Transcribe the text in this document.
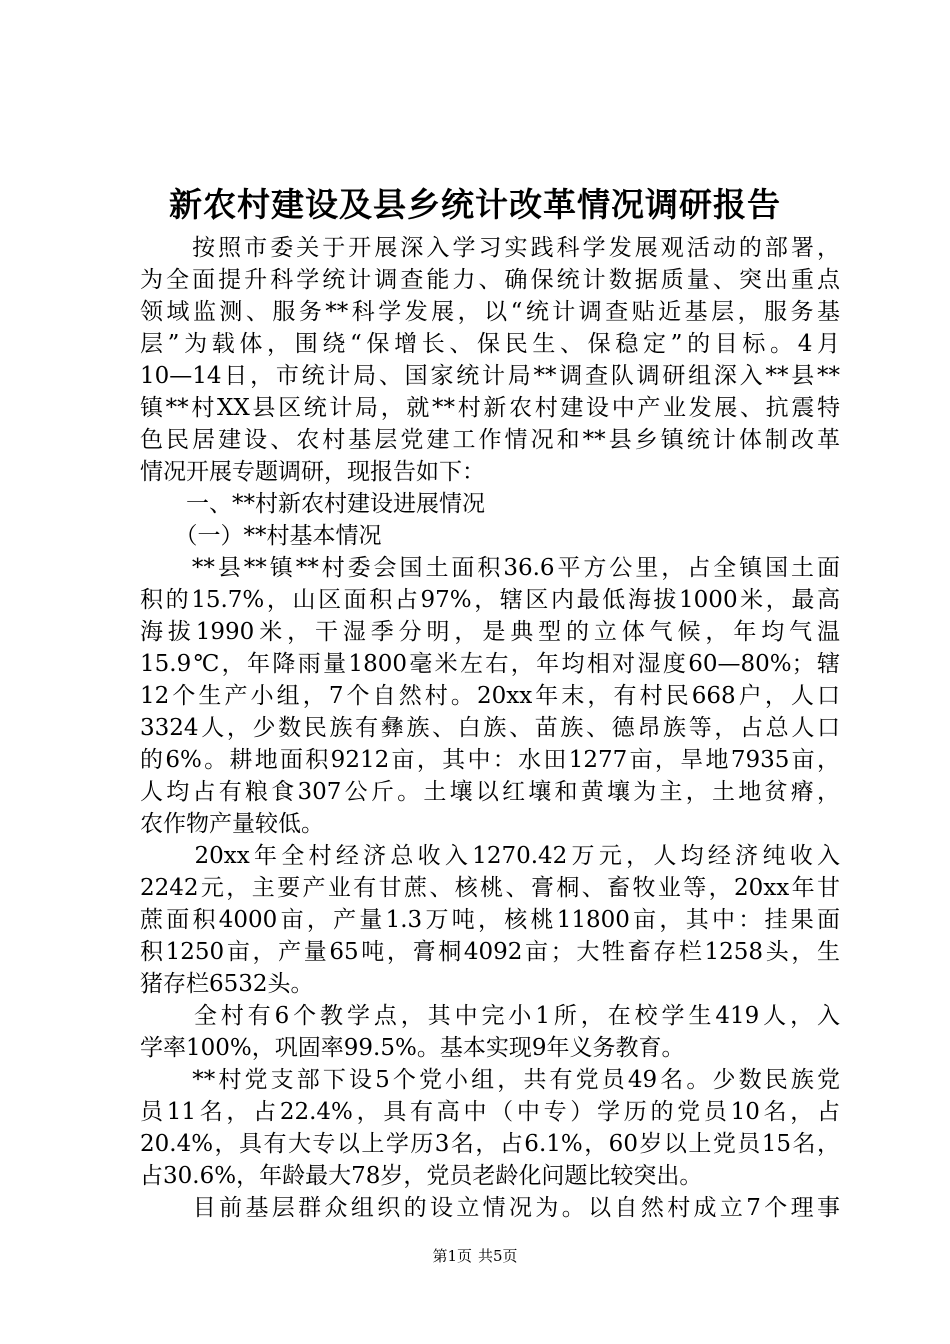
新农村建设及县乡统计改革情况调研报告
　　按照市委关于开展深入学习实践科学发展观活动的部署，
为全面提升科学统计调查能力、确保统计数据质量、突出重点
领域监测、服务**科学发展，以“统计调查贴近基层，服务基
层”为载体，围绕“保增长、保民生、保稳定”的目标。4月
10—14日，市统计局、国家统计局**调查队调研组深入**县**
镇**村XX县区统计局，就**村新农村建设中产业发展、抗震特
色民居建设、农村基层党建工作情况和**县乡镇统计体制改革
情况开展专题调研，现报告如下：
　　一、**村新农村建设进展情况
　　（一）**村基本情况
　　**县**镇**村委会国土面积36.6平方公里，占全镇国土面
积的15.7%，山区面积占97%，辖区内最低海拔1000米，最高
海拔1990米，干湿季分明，是典型的立体气候，年均气温
15.9℃，年降雨量1800毫米左右，年均相对湿度60—80%；辖
12个生产小组，7个自然村。20xx年末，有村民668户，人口
3324人，少数民族有彝族、白族、苗族、德昂族等，占总人口
的6%。耕地面积9212亩，其中：水田1277亩，旱地7935亩，
人均占有粮食307公斤。土壤以红壤和黄壤为主，土地贫瘠，
农作物产量较低。
　　20xx年全村经济总收入1270.42万元，人均经济纯收入
2242元，主要产业有甘蔗、核桃、膏桐、畜牧业等，20xx年甘
蔗面积4000亩，产量1.3万吨，核桃11800亩，其中：挂果面
积1250亩，产量65吨，膏桐4092亩；大牲畜存栏1258头，生
猪存栏6532头。
　　全村有6个教学点，其中完小1所，在校学生419人，入
学率100%，巩固率99.5%。基本实现9年义务教育。
　　**村党支部下设5个党小组，共有党员49名。少数民族党
员11名，占22.4%，具有高中（中专）学历的党员10名，占
20.4%，具有大专以上学历3名，占6.1%，60岁以上党员15名，
占30.6%，年龄最大78岁，党员老龄化问题比较突出。
　　目前基层群众组织的设立情况为。以自然村成立7个理事
第1页 共5页
